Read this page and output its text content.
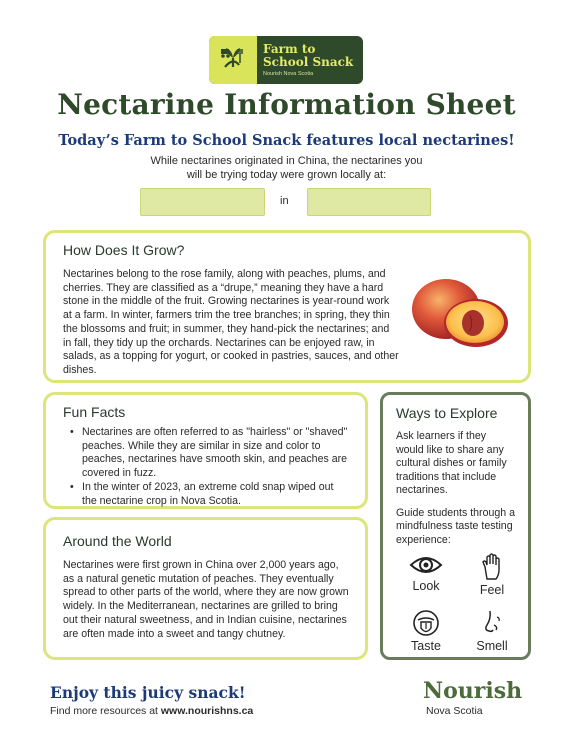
Farm to
School Snack
Nourish Nova Scotia
Nectarine Information Sheet
Today’s Farm to School Snack features local nectarines!
While nectarines originated in China, the nectarines you
will be trying today were grown locally at:
in
How Does It Grow?
Nectarines belong to the rose family, along with peaches, plums, and cherries. They are classified as a “drupe,” meaning they have a hard stone in the middle of the fruit. Growing nectarines is year-round work at a farm. In winter, farmers trim the tree branches; in spring, they thin the blossoms and fruit; in summer, they hand-pick the nectarines; and in fall, they tidy up the orchards. Nectarines can be enjoyed raw, in salads, as a topping for yogurt, or cooked in pastries, sauces, and other dishes.
Fun Facts
• Nectarines are often referred to as "hairless" or "shaved" peaches. While they are similar in size and color to peaches, nectarines have smooth skin, and peaches are covered in fuzz.
• In the winter of 2023, an extreme cold snap wiped out the nectarine crop in Nova Scotia.
Around the World
Nectarines were first grown in China over 2,000 years ago, as a natural genetic mutation of peaches. They eventually spread to other parts of the world, where they are now grown widely. In the Mediterranean, nectarines are grilled to bring out their natural sweetness, and in Indian cuisine, nectarines are often made into a sweet and tangy chutney.
Ways to Explore
Ask learners if they would like to share any cultural dishes or family traditions that include nectarines.
Guide students through a mindfulness taste testing experience:
Look	Feel
Taste	Smell
Enjoy this juicy snack!
Find more resources at www.nourishns.ca
Nourish
Nova Scotia
